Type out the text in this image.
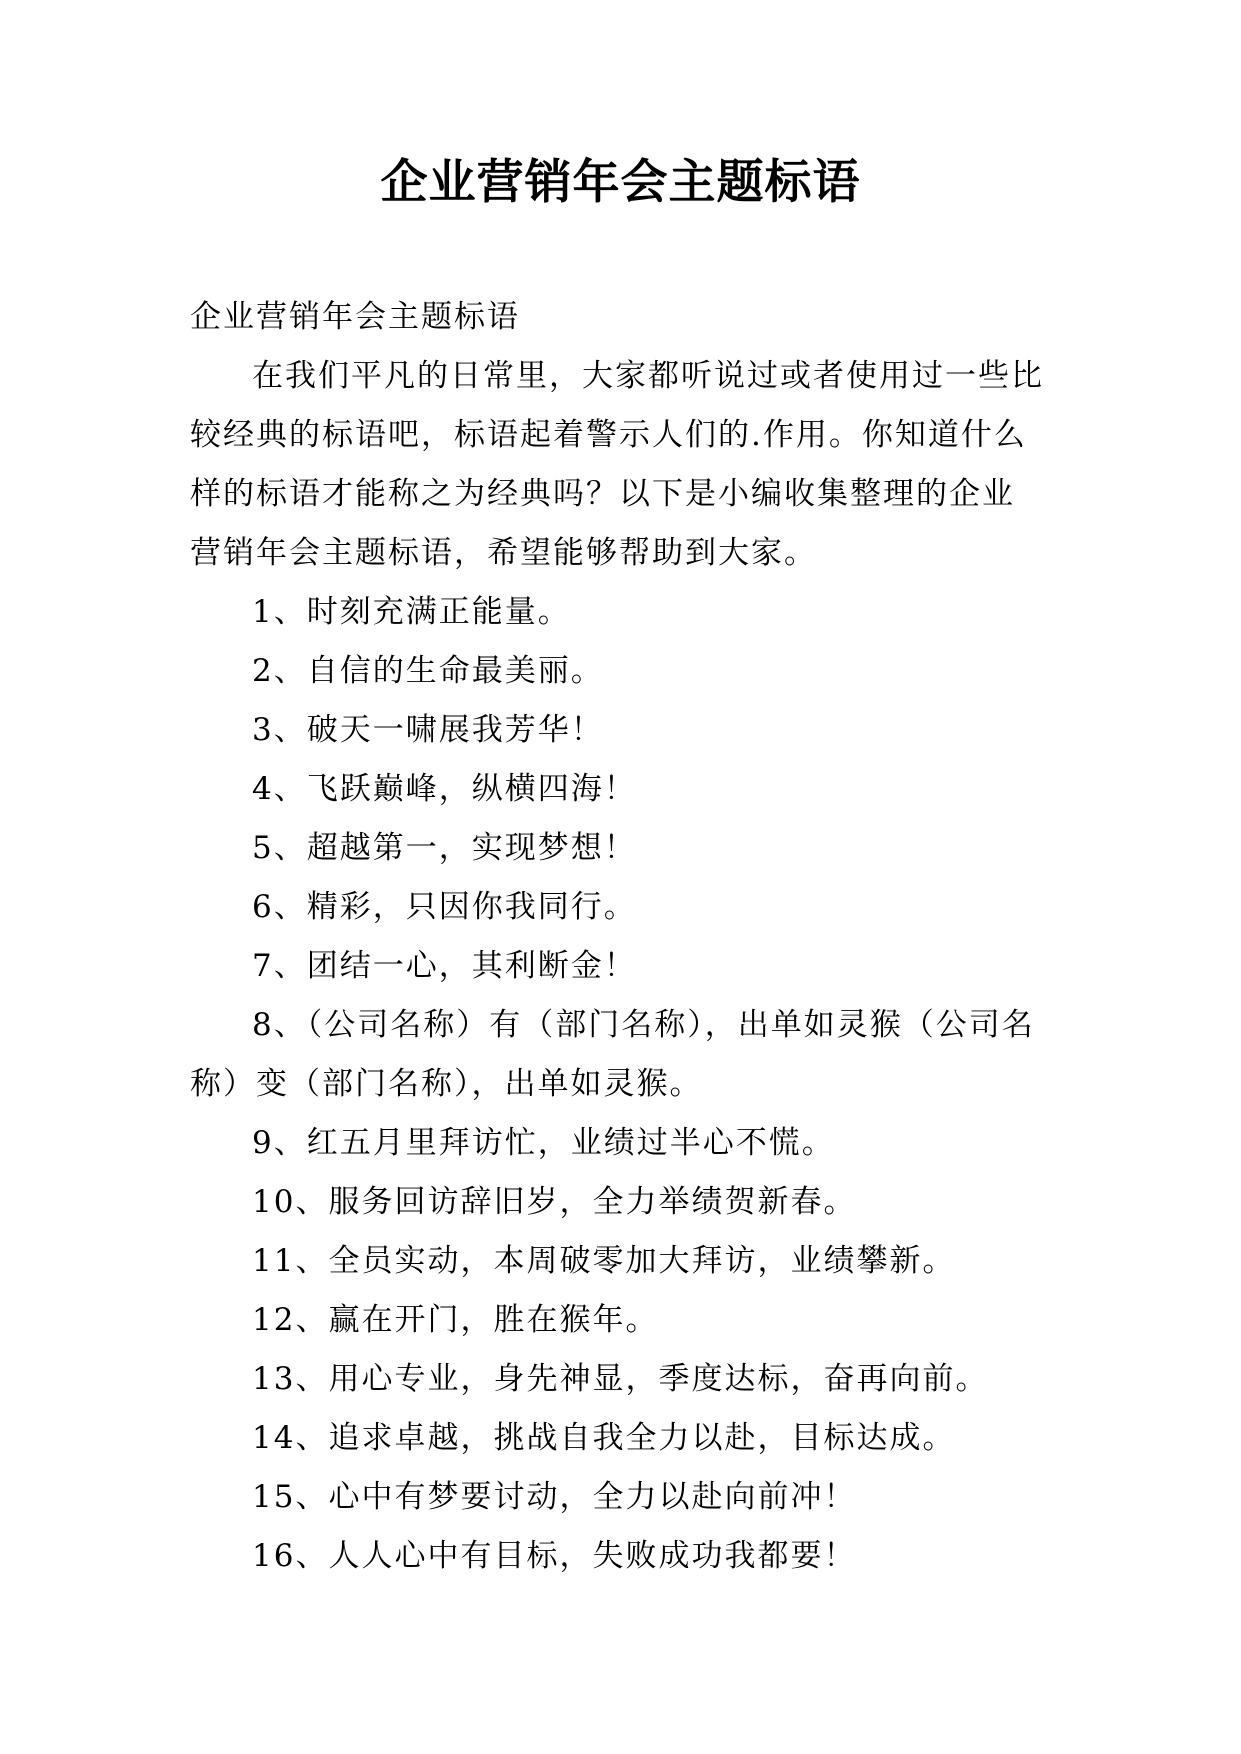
企业营销年会主题标语

企业营销年会主题标语

在我们平凡的日常里，大家都听说过或者使用过一些比

较经典的标语吧，标语起着警示人们的.作用。你知道什么

样的标语才能称之为经典吗？以下是小编收集整理的企业

营销年会主题标语，希望能够帮助到大家。

1、时刻充满正能量。

2、自信的生命最美丽。

3、破天一啸展我芳华！

4、飞跃巅峰，纵横四海！

5、超越第一，实现梦想！

6、精彩，只因你我同行。

7、团结一心，其利断金！

8、（公司名称）有（部门名称），出单如灵猴（公司名

称）变（部门名称），出单如灵猴。

9、红五月里拜访忙，业绩过半心不慌。

10、服务回访辞旧岁，全力举绩贺新春。

11、全员实动，本周破零加大拜访，业绩攀新。

12、赢在开门，胜在猴年。

13、用心专业，身先神显，季度达标，奋再向前。

14、追求卓越，挑战自我全力以赴，目标达成。

15、心中有梦要讨动，全力以赴向前冲！

16、人人心中有目标，失败成功我都要！
